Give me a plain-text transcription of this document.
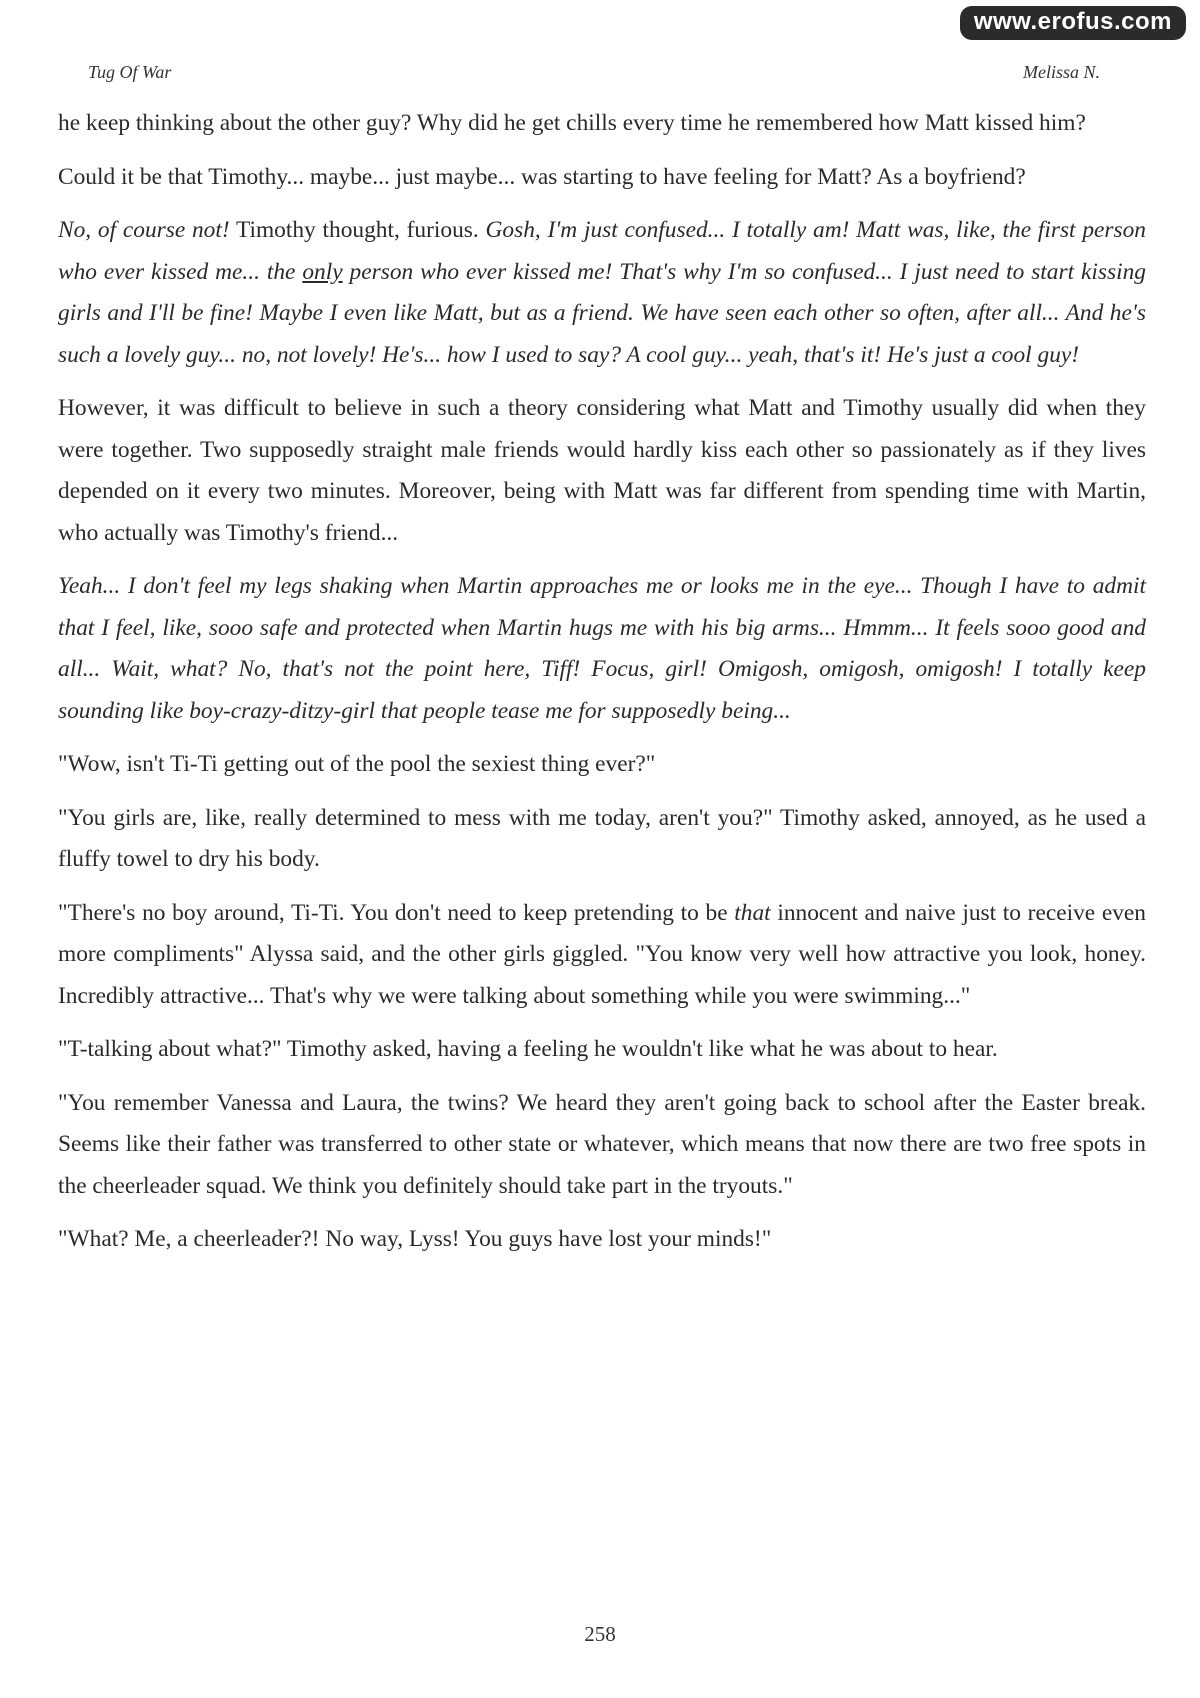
www.erofus.com
Tug Of War	Melissa N.

he keep thinking about the other guy? Why did he get chills every time he remembered how Matt kissed him?

Could it be that Timothy... maybe... just maybe... was starting to have feeling for Matt? As a boyfriend?

No, of course not! Timothy thought, furious. Gosh, I'm just confused... I totally am! Matt was, like, the first person who ever kissed me... the only person who ever kissed me! That's why I'm so confused... I just need to start kissing girls and I'll be fine! Maybe I even like Matt, but as a friend. We have seen each other so often, after all... And he's such a lovely guy... no, not lovely! He's... how I used to say? A cool guy... yeah, that's it! He's just a cool guy!

However, it was difficult to believe in such a theory considering what Matt and Timothy usually did when they were together. Two supposedly straight male friends would hardly kiss each other so passionately as if they lives depended on it every two minutes. Moreover, being with Matt was far different from spending time with Martin, who actually was Timothy's friend...

Yeah... I don't feel my legs shaking when Martin approaches me or looks me in the eye... Though I have to admit that I feel, like, sooo safe and protected when Martin hugs me with his big arms... Hmmm... It feels sooo good and all... Wait, what? No, that's not the point here, Tiff! Focus, girl! Omigosh, omigosh, omigosh! I totally keep sounding like boy-crazy-ditzy-girl that people tease me for supposedly being...

"Wow, isn't Ti-Ti getting out of the pool the sexiest thing ever?"

"You girls are, like, really determined to mess with me today, aren't you?" Timothy asked, annoyed, as he used a fluffy towel to dry his body.

"There's no boy around, Ti-Ti. You don't need to keep pretending to be that innocent and naive just to receive even more compliments" Alyssa said, and the other girls giggled. "You know very well how attractive you look, honey. Incredibly attractive... That's why we were talking about something while you were swimming..."

"T-talking about what?" Timothy asked, having a feeling he wouldn't like what he was about to hear.

"You remember Vanessa and Laura, the twins? We heard they aren't going back to school after the Easter break. Seems like their father was transferred to other state or whatever, which means that now there are two free spots in the cheerleader squad. We think you definitely should take part in the tryouts."

"What? Me, a cheerleader?! No way, Lyss! You guys have lost your minds!"

258
